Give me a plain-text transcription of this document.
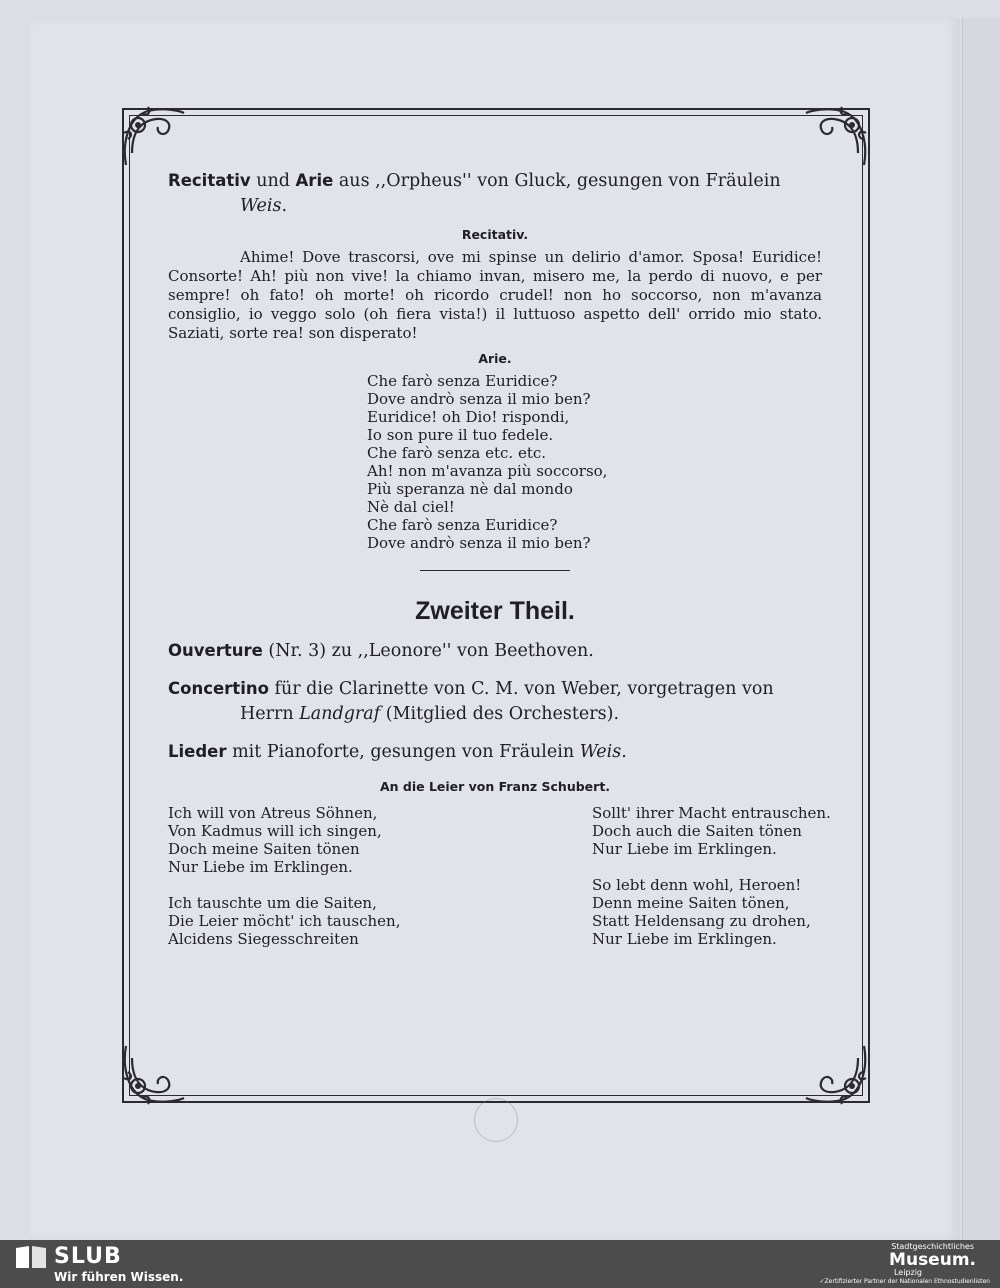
Recitativ und Arie aus ,,Orpheus'' von Gluck, gesungen von Fräulein

Weis.

Recitativ.

Ahime! Dove trascorsi, ove mi spinse un delirio d'amor. Sposa! Euridice! Consorte! Ah! più non vive! la chiamo invan, misero me, la perdo di nuovo, e per sempre! oh fato! oh morte! oh ricordo crudel! non ho soccorso, non m'avanza consiglio, io veggo solo (oh fiera vista!) il luttuoso aspetto dell' orrido mio stato. Saziati, sorte rea! son disperato!

Arie.
Che farò senza Euridice?
Dove andrò senza il mio ben?
Euridice! oh Dio! rispondi,
Io son pure il tuo fedele.
Che farò senza etc. etc.
Ah! non m'avanza più soccorso,
Più speranza nè dal mondo
Nè dal ciel!
Che farò senza Euridice?
Dove andrò senza il mio ben?
Zweiter Theil.

Ouverture (Nr. 3) zu ,,Leonore'' von Beethoven.

Concertino für die Clarinette von C. M. von Weber, vorgetragen von

Herrn Landgraf (Mitglied des Orchesters).

Lieder mit Pianoforte, gesungen von Fräulein Weis.

An die Leier von Franz Schubert.
Ich will von Atreus Söhnen,
Von Kadmus will ich singen,
Doch meine Saiten tönen
Nur Liebe im Erklingen.
Ich tauschte um die Saiten,
Die Leier möcht' ich tauschen,
Alcidens Siegesschreiten
Sollt' ihrer Macht entrauschen.
Doch auch die Saiten tönen
Nur Liebe im Erklingen.
So lebt denn wohl, Heroen!
Denn meine Saiten tönen,
Statt Heldensang zu drohen,
Nur Liebe im Erklingen.
SLUB
Wir führen Wissen.
Stadtgeschichtliches
Museum.
Leipzig
✓Zertifizierter Partner der Nationalen Ethnostudienlisten
